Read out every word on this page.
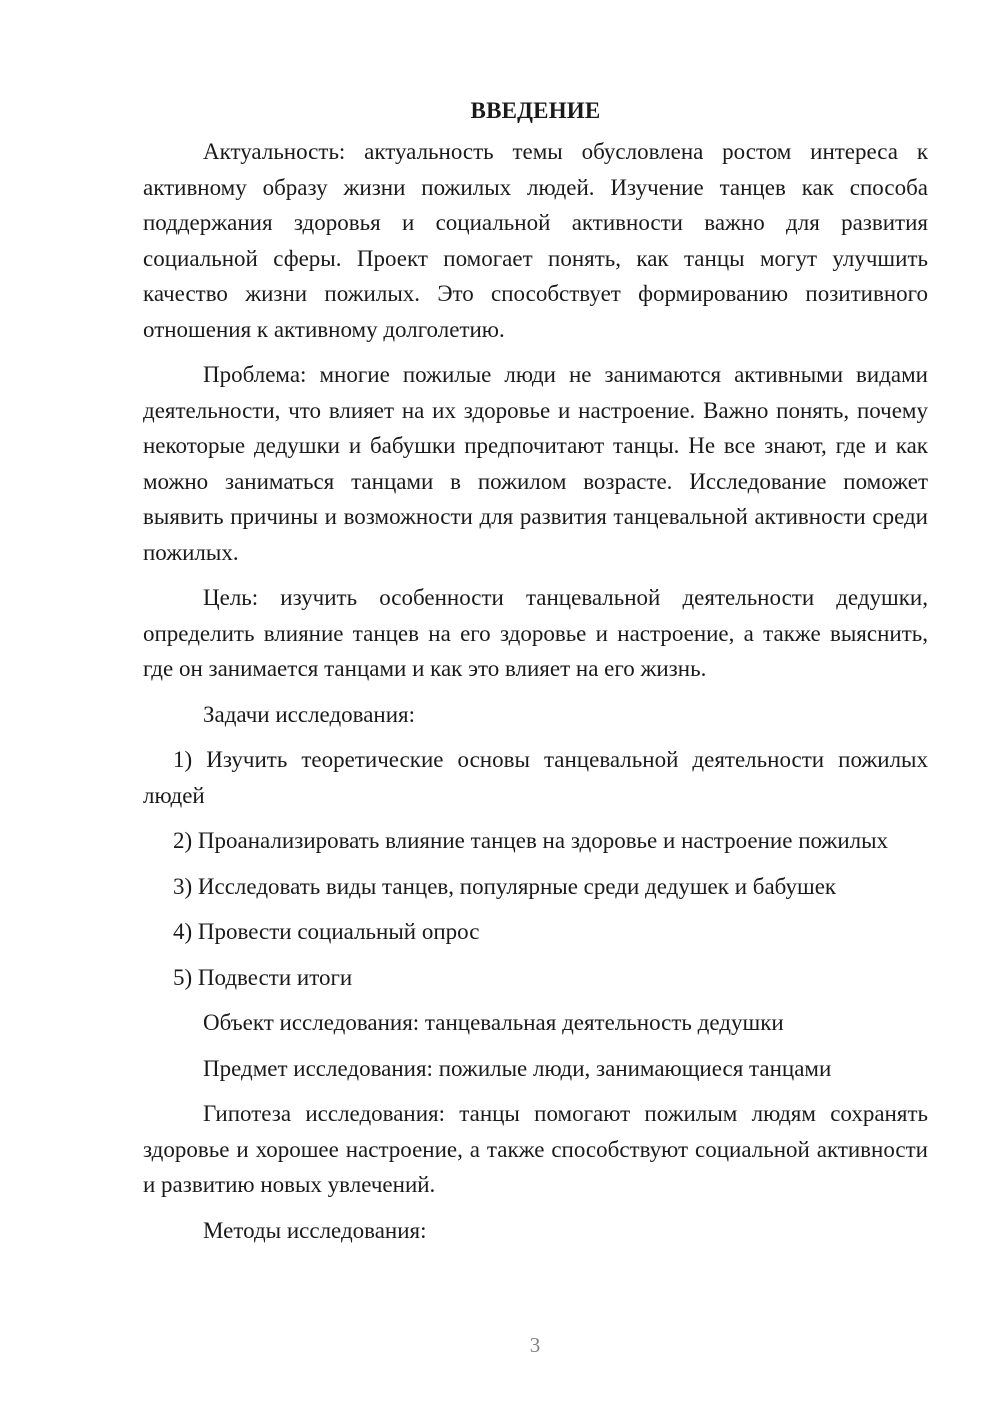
ВВЕДЕНИЕ

Актуальность: актуальность темы обусловлена ростом интереса к активному образу жизни пожилых людей. Изучение танцев как способа поддержания здоровья и социальной активности важно для развития социальной сферы. Проект помогает понять, как танцы могут улучшить качество жизни пожилых. Это способствует формированию позитивного отношения к активному долголетию.

Проблема: многие пожилые люди не занимаются активными видами деятельности, что влияет на их здоровье и настроение. Важно понять, почему некоторые дедушки и бабушки предпочитают танцы. Не все знают, где и как можно заниматься танцами в пожилом возрасте. Исследование поможет выявить причины и возможности для развития танцевальной активности среди пожилых.

Цель: изучить особенности танцевальной деятельности дедушки, определить влияние танцев на его здоровье и настроение, а также выяснить, где он занимается танцами и как это влияет на его жизнь.

Задачи исследования:

1) Изучить теоретические основы танцевальной деятельности пожилых людей

2) Проанализировать влияние танцев на здоровье и настроение пожилых

3) Исследовать виды танцев, популярные среди дедушек и бабушек

4) Провести социальный опрос

5) Подвести итоги

Объект исследования: танцевальная деятельность дедушки

Предмет исследования: пожилые люди, занимающиеся танцами

Гипотеза исследования: танцы помогают пожилым людям сохранять здоровье и хорошее настроение, а также способствуют социальной активности и развитию новых увлечений.

Методы исследования:

3
